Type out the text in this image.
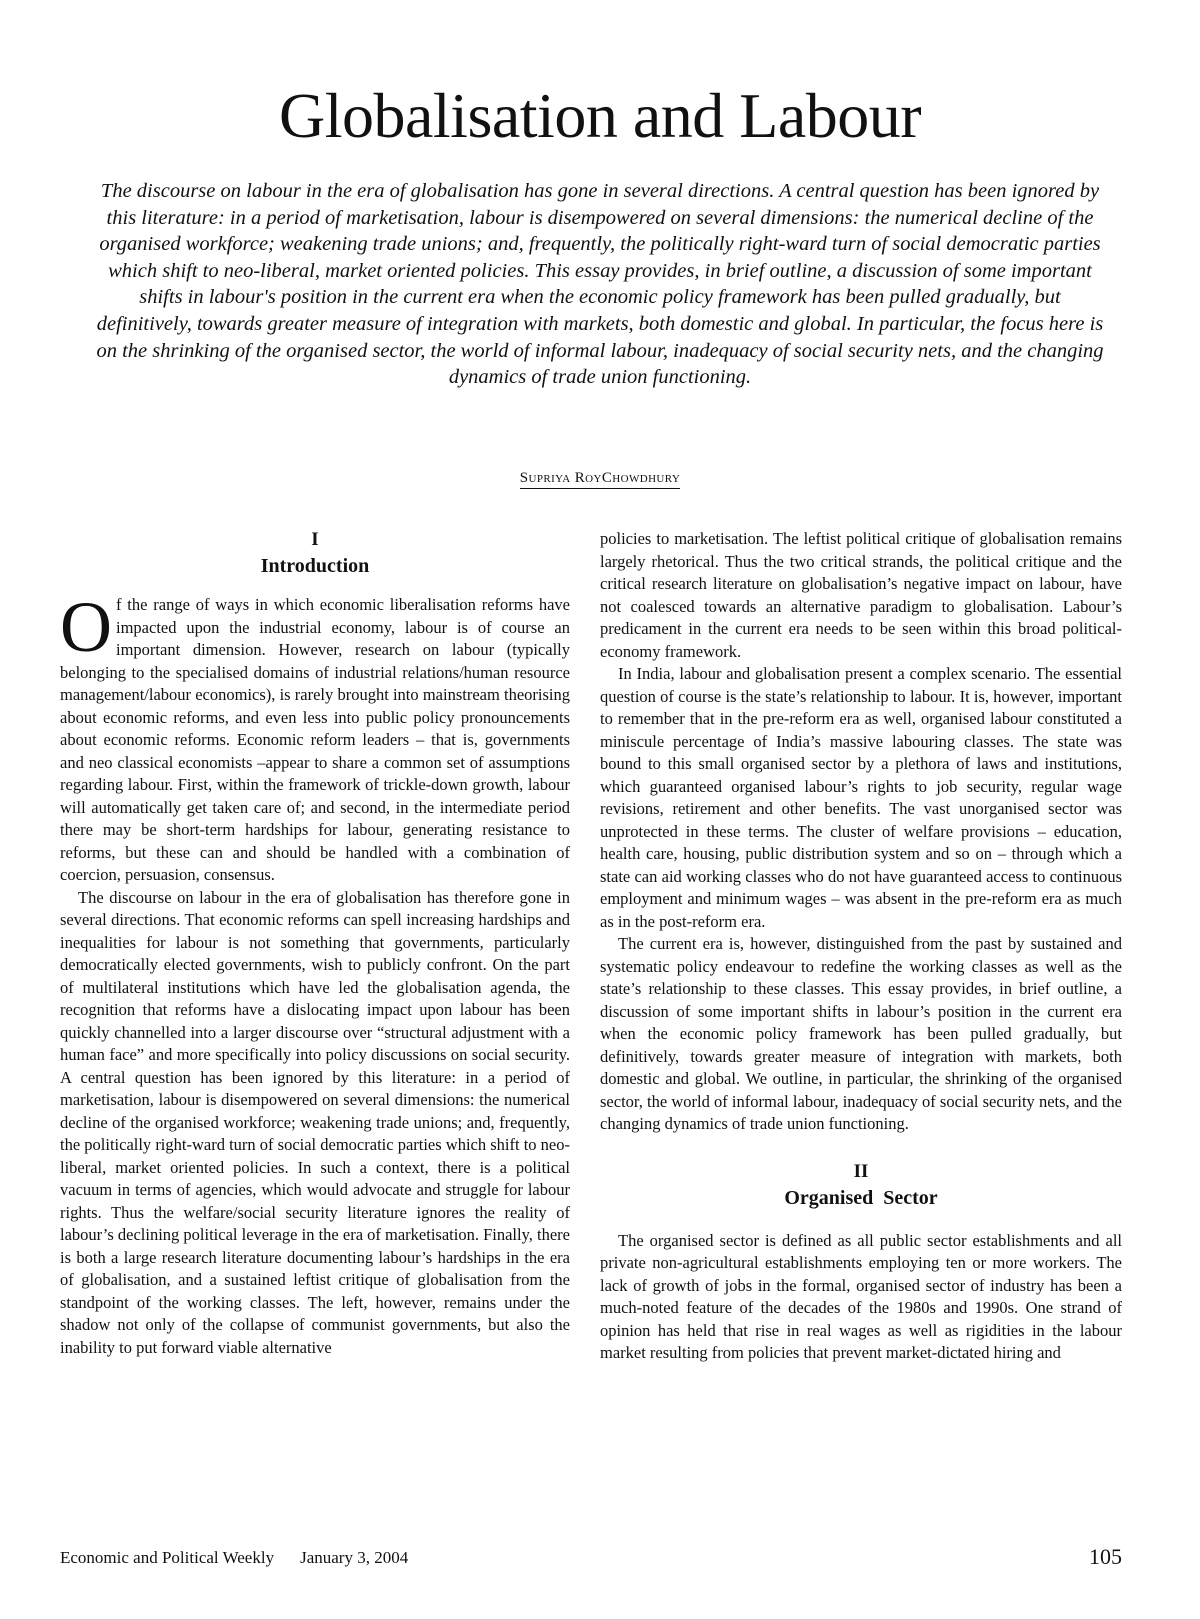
Globalisation and Labour

The discourse on labour in the era of globalisation has gone in several directions. A central question has been ignored by this literature: in a period of marketisation, labour is disempowered on several dimensions: the numerical decline of the organised workforce; weakening trade unions; and, frequently, the politically right-ward turn of social democratic parties which shift to neo-liberal, market oriented policies. This essay provides, in brief outline, a discussion of some important shifts in labour's position in the current era when the economic policy framework has been pulled gradually, but definitively, towards greater measure of integration with markets, both domestic and global. In particular, the focus here is on the shrinking of the organised sector, the world of informal labour, inadequacy of social security nets, and the changing dynamics of trade union functioning.

Supriya RoyChowdhury
I
Introduction

Of the range of ways in which economic liberalisation reforms have impacted upon the industrial economy, labour is of course an important dimension. However, research on labour (typically belonging to the specialised domains of industrial relations/human resource management/labour economics), is rarely brought into mainstream theorising about economic reforms, and even less into public policy pronouncements about economic reforms. Economic reform leaders – that is, governments and neo classical economists –appear to share a common set of assumptions regarding labour. First, within the framework of trickle-down growth, labour will automatically get taken care of; and second, in the intermediate period there may be short-term hardships for labour, generating resistance to reforms, but these can and should be handled with a combination of coercion, persuasion, consensus.

The discourse on labour in the era of globalisation has therefore gone in several directions. That economic reforms can spell increasing hardships and inequalities for labour is not something that governments, particularly democratically elected governments, wish to publicly confront. On the part of multilateral institutions which have led the globalisation agenda, the recognition that reforms have a dislocating impact upon labour has been quickly channelled into a larger discourse over “structural adjustment with a human face” and more specifically into policy discussions on social security. A central question has been ignored by this literature: in a period of marketisation, labour is disempowered on several dimensions: the numerical decline of the organised workforce; weakening trade unions; and, frequently, the politically right-ward turn of social democratic parties which shift to neo-liberal, market oriented policies. In such a context, there is a political vacuum in terms of agencies, which would advocate and struggle for labour rights. Thus the welfare/social security literature ignores the reality of labour’s declining political leverage in the era of marketisation. Finally, there is both a large research literature documenting labour’s hardships in the era of globalisation, and a sustained leftist critique of globalisation from the standpoint of the working classes. The left, however, remains under the shadow not only of the collapse of communist governments, but also the inability to put forward viable alternative

policies to marketisation. The leftist political critique of globalisation remains largely rhetorical. Thus the two critical strands, the political critique and the critical research literature on globalisation’s negative impact on labour, have not coalesced towards an alternative paradigm to globalisation. Labour’s predicament in the current era needs to be seen within this broad political-economy framework.

In India, labour and globalisation present a complex scenario. The essential question of course is the state’s relationship to labour. It is, however, important to remember that in the pre-reform era as well, organised labour constituted a miniscule percentage of India’s massive labouring classes. The state was bound to this small organised sector by a plethora of laws and institutions, which guaranteed organised labour’s rights to job security, regular wage revisions, retirement and other benefits. The vast unorganised sector was unprotected in these terms. The cluster of welfare provisions – education, health care, housing, public distribution system and so on – through which a state can aid working classes who do not have guaranteed access to continuous employment and minimum wages – was absent in the pre-reform era as much as in the post-reform era.

The current era is, however, distinguished from the past by sustained and systematic policy endeavour to redefine the working classes as well as the state’s relationship to these classes. This essay provides, in brief outline, a discussion of some important shifts in labour’s position in the current era when the economic policy framework has been pulled gradually, but definitively, towards greater measure of integration with markets, both domestic and global. We outline, in particular, the shrinking of the organised sector, the world of informal labour, inadequacy of social security nets, and the changing dynamics of trade union functioning.

II
Organised  Sector

The organised sector is defined as all public sector establishments and all private non-agricultural establishments employing ten or more workers. The lack of growth of jobs in the formal, organised sector of industry has been a much-noted feature of the decades of the 1980s and 1990s. One strand of opinion has held that rise in real wages as well as rigidities in the labour market resulting from policies that prevent market-dictated hiring and

Economic and Political Weekly January 3, 2004	105
